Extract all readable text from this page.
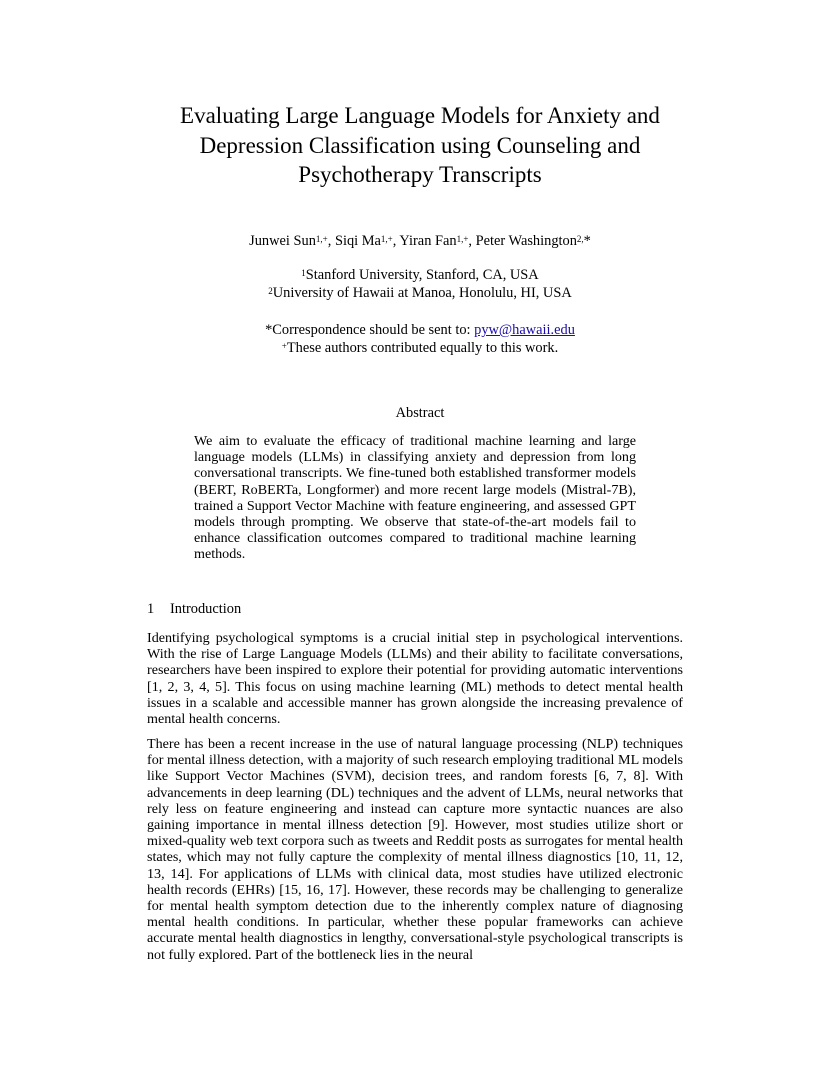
Evaluating Large Language Models for Anxiety and
Depression Classification using Counseling and
Psychotherapy Transcripts
Junwei Sun$^{1,+}$, Siqi $Ma^{1,+}$, Yiran Fan$^{1,+}$, Peter Washington$^{2,}$*
$^1$Stanford University, Stanford, CA, USA
$^2$University of Hawaii at Manoa, Honolulu, HI, USA
*Correspondence should be sent to: pyw@hawaii.edu
+These authors contributed equally to this work.
Abstract
We aim to evaluate the efficacy of traditional machine learning and large language models (LLMs) in classifying anxiety and depression from long conversational transcripts. We fine-tuned both established transformer models (BERT, RoBERTa, Longformer) and more recent large models (Mistral-7B), trained a Support Vector Machine with feature engineering, and assessed GPT models through prompting. We observe that state-of-the-art models fail to enhance classification outcomes compared to traditional machine learning methods.
1 Introduction

Identifying psychological symptoms is a crucial initial step in psychological interventions. With the rise of Large Language Models (LLMs) and their ability to facilitate conversations, researchers have been inspired to explore their potential for providing automatic interventions [1, 2, 3, 4, 5]. This focus on using machine learning (ML) methods to detect mental health issues in a scalable and accessible manner has grown alongside the increasing prevalence of mental health concerns.

There has been a recent increase in the use of natural language processing (NLP) techniques for mental illness detection, with a majority of such research employing traditional ML models like Support Vector Machines (SVM), decision trees, and random forests [6, 7, 8]. With advancements in deep learning (DL) techniques and the advent of LLMs, neural networks that rely less on feature engineering and instead can capture more syntactic nuances are also gaining importance in mental illness detection [9]. However, most studies utilize short or mixed-quality web text corpora such as tweets and Reddit posts as surrogates for mental health states, which may not fully capture the complexity of mental illness diagnostics [10, 11, 12, 13, 14]. For applications of LLMs with clinical data, most studies have utilized electronic health records (EHRs) [15, 16, 17]. However, these records may be challenging to generalize for mental health symptom detection due to the inherently complex nature of diagnosing mental health conditions. In particular, whether these popular frameworks can achieve accurate mental health diagnostics in lengthy, conversational-style psychological transcripts is not fully explored. Part of the bottleneck lies in the neural
